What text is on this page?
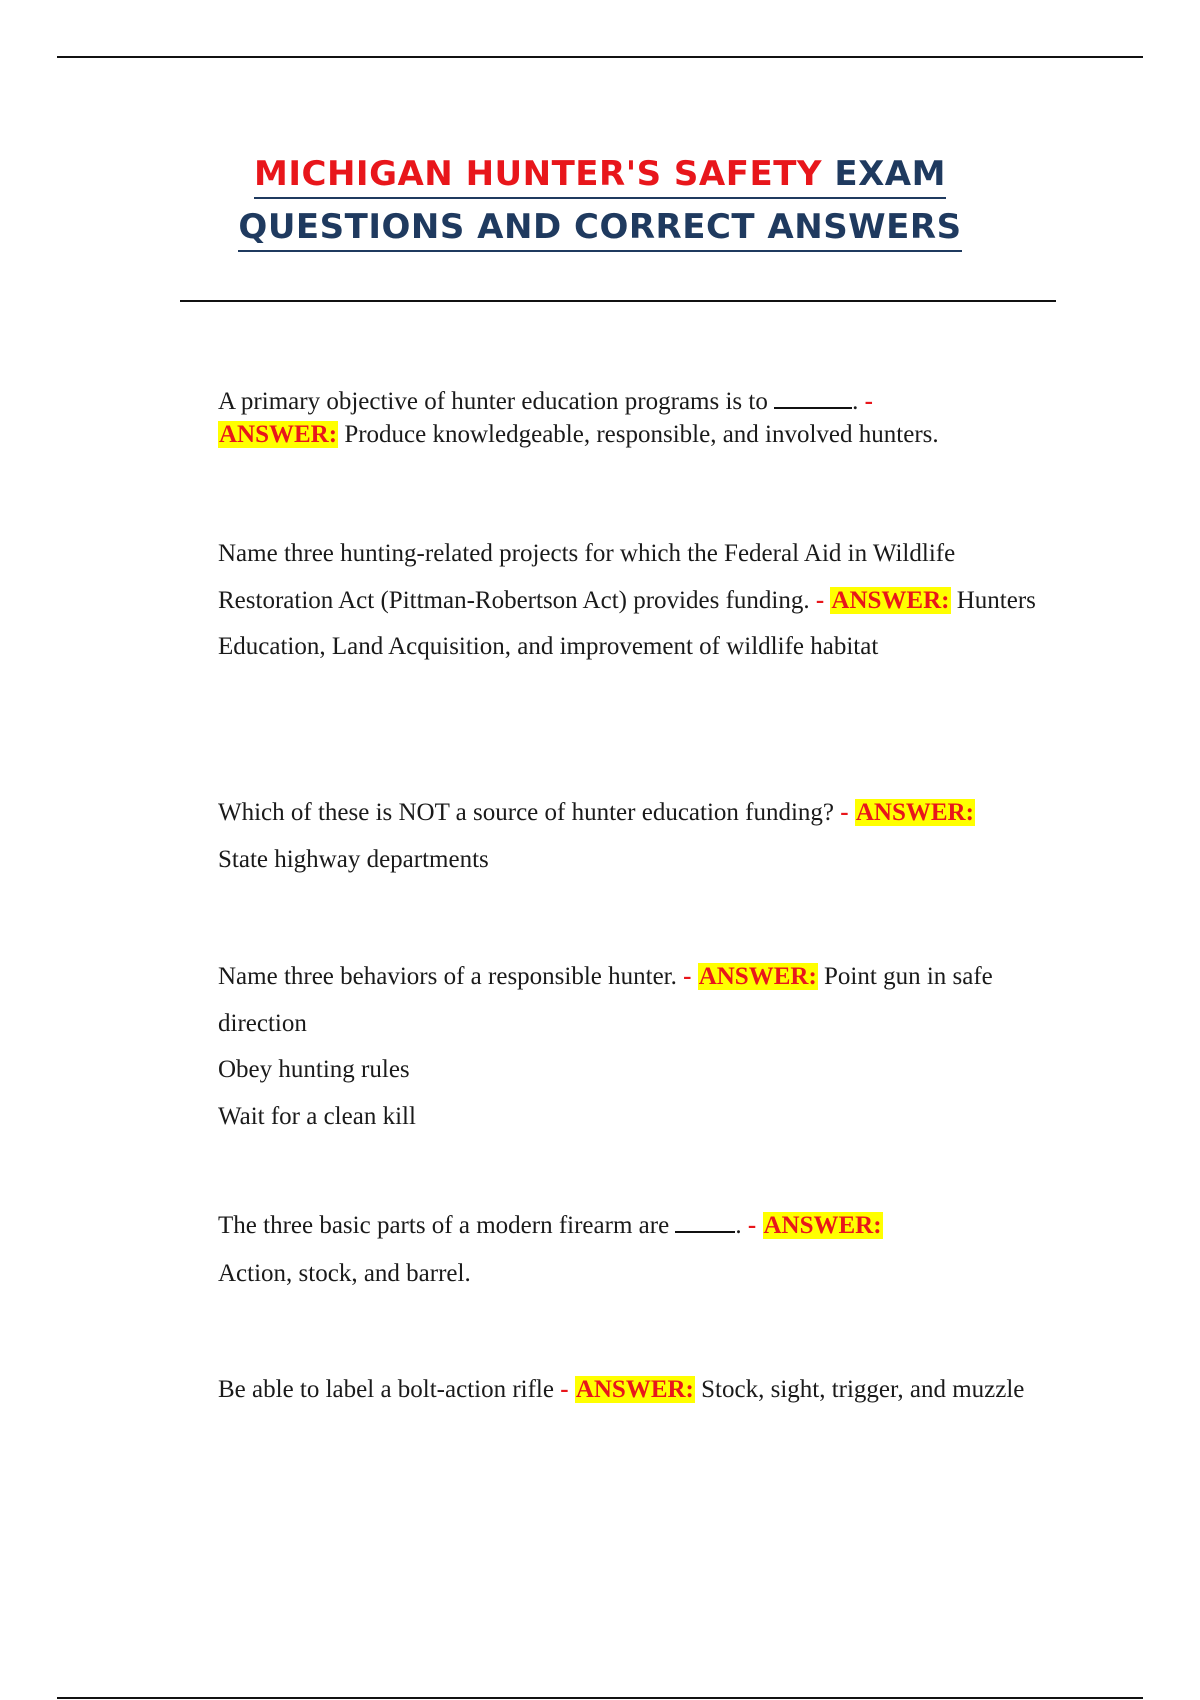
MICHIGAN HUNTER'S SAFETY EXAM
QUESTIONS AND CORRECT ANSWERS

A primary objective of hunter education programs is to	. -
ANSWER: Produce knowledgeable, responsible, and involved hunters.

Name three hunting-related projects for which the Federal Aid in Wildlife Restoration Act (Pittman-Robertson Act) provides funding. - ANSWER: Hunters Education, Land Acquisition, and improvement of wildlife habitat

Which of these is NOT a source of hunter education funding? - ANSWER:
State highway departments

Name three behaviors of a responsible hunter. - ANSWER: Point gun in safe direction
Obey hunting rules
Wait for a clean kill

The three basic parts of a modern firearm are	. - ANSWER:
Action, stock, and barrel.

Be able to label a bolt-action rifle - ANSWER: Stock, sight, trigger, and muzzle
